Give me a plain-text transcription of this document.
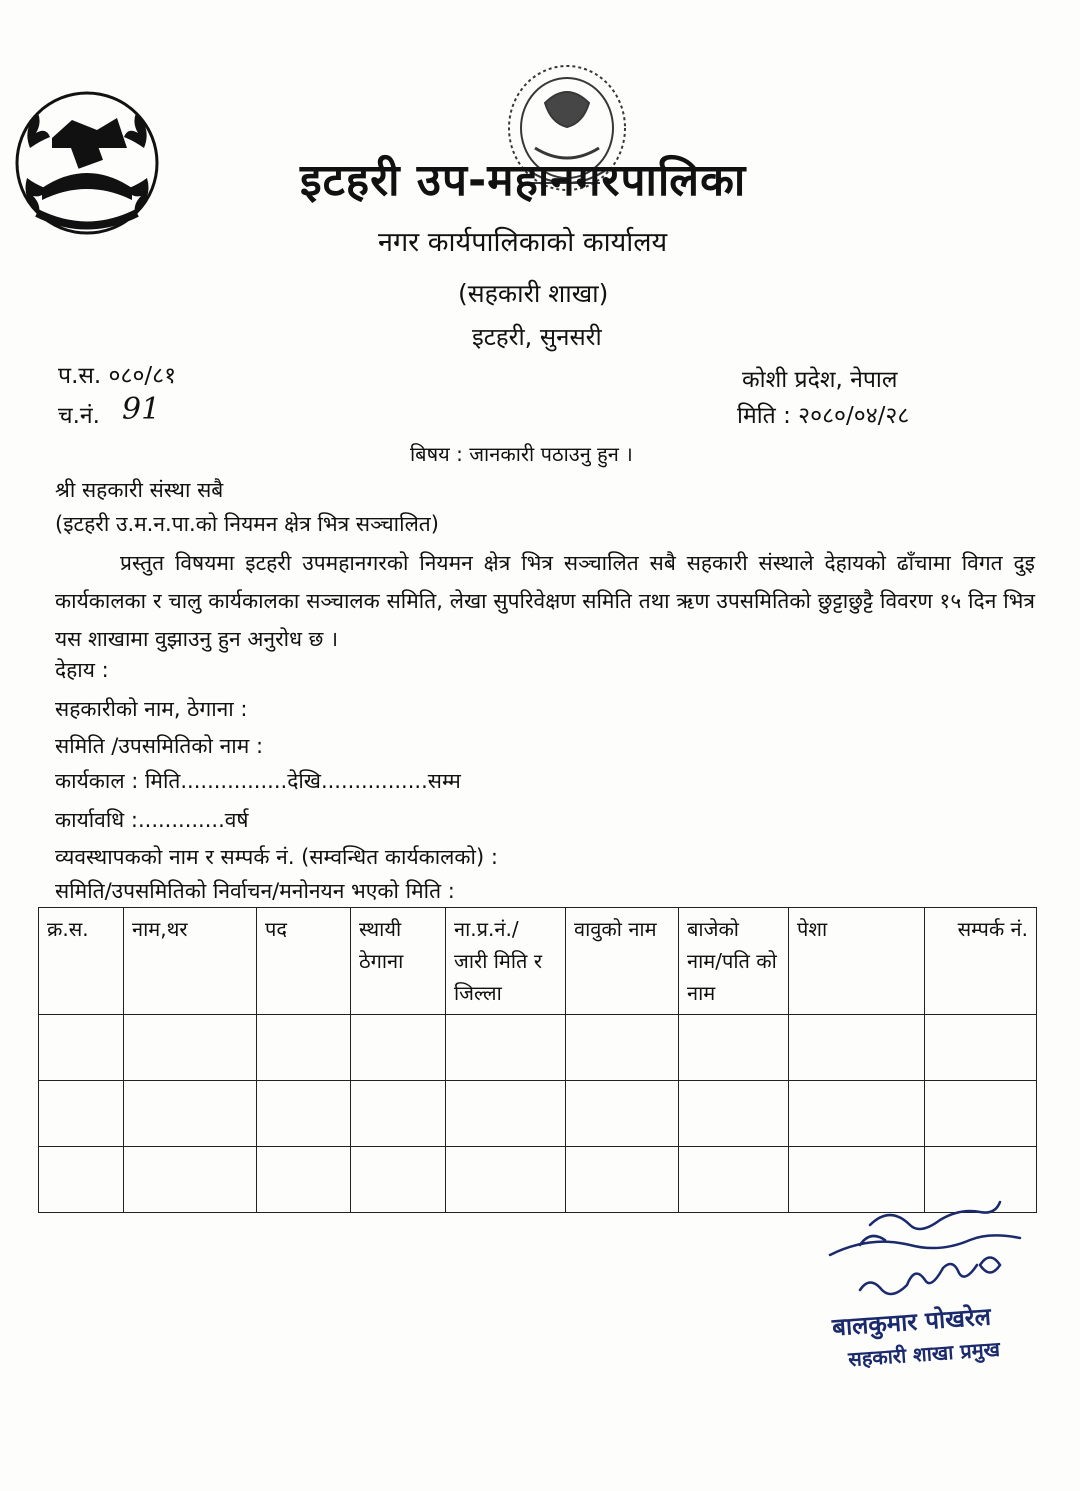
इटहरी उप-महानगरपालिका
नगर कार्यपालिकाको कार्यालय
(सहकारी शाखा)
इटहरी, सुनसरी
प.स. ०८०/८१
च.नं. 91
कोशी प्रदेश, नेपाल
मिति : २०८०/०४/२८
बिषय : जानकारी पठाउनु हुन ।
श्री सहकारी संस्था सबै
(इटहरी उ.म.न.पा.को नियमन क्षेत्र भित्र सञ्चालित)
प्रस्तुत विषयमा इटहरी उपमहानगरको नियमन क्षेत्र भित्र सञ्चालित सबै सहकारी संस्थाले देहायको ढाँचामा विगत दुइ कार्यकालका र चालु कार्यकालका सञ्चालक समिति, लेखा सुपरिवेक्षण समिति तथा ऋण उपसमितिको छुट्टाछुट्टै विवरण १५ दिन भित्र यस शाखामा वुझाउनु हुन अनुरोध छ ।
देहाय :
सहकारीको नाम, ठेगाना :
समिति /उपसमितिको नाम :
कार्यकाल : मिति................देखि................सम्म
कार्यावधि :.............वर्ष
व्यवस्थापकको नाम र सम्पर्क नं. (सम्वन्धित कार्यकालको) :
समिति/उपसमितिको निर्वाचन/मनोनयन भएको मिति :
क्र.स.	नाम,थर	पद	स्थायी ठेगाना	ना.प्र.नं./ जारी मिति र जिल्ला	वावुको नाम	बाजेको नाम/पति को नाम	पेशा	सम्पर्क नं.

बालकुमार पोखरेल
सहकारी शाखा प्रमुख
